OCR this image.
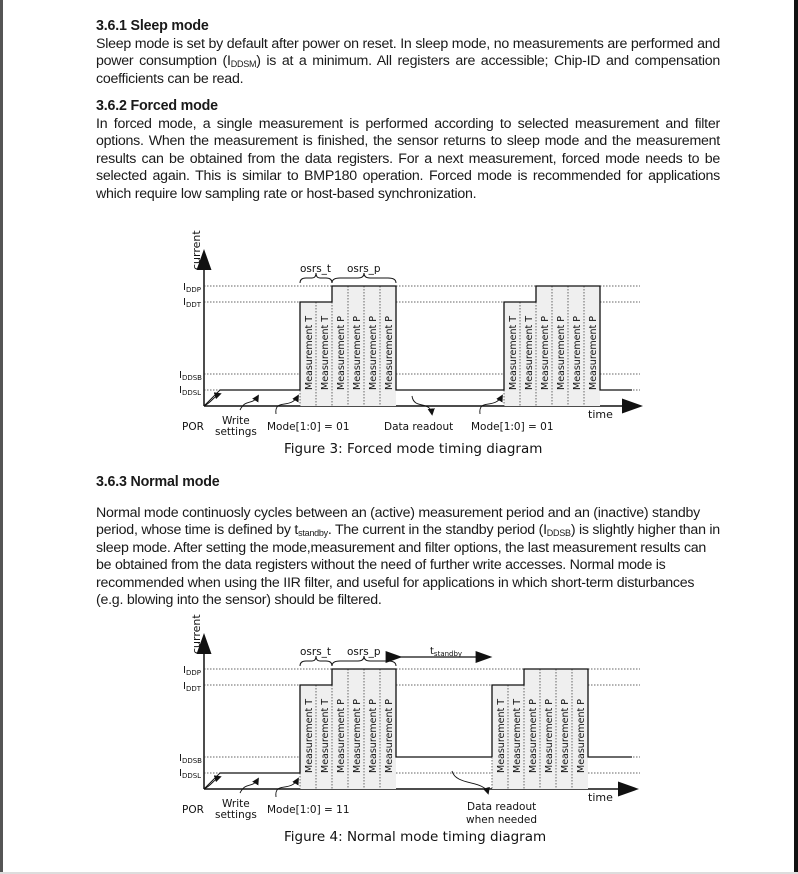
3.6.1 Sleep mode

Sleep mode is set by default after power on reset. In sleep mode, no measurements are performed and power consumption $(I_{DDSM})$ is at a minimum. All registers are accessible; Chip-ID and compensation coefficients can be read.

3.6.2 Forced mode

In forced mode, a single measurement is performed according to selected measurement and filter options. When the measurement is finished, the sensor returns to sleep mode and the measurement results can be obtained from the data registers. For a next measurement, forced mode needs to be selected again. This is similar to BMP180 operation. Forced mode is recommended for applications which require low sampling rate or host-based synchronization.

3.6.3 Normal mode

Normal mode continuosly cycles between an (active) measurement period and an (inactive) standby period, whose time is defined by $t_{standby}$. The current in the standby period $(I_{DDSB})$ is slightly higher than in sleep mode. After setting the mode,measurement and filter options, the last measurement results can be obtained from the data registers without the need of further write accesses. Normal mode is recommended when using the IIR filter, and useful for applications in which short-term disturbances (e.g. blowing into the sensor) should be filtered.

current
time
$I_{DDP}$
$I_{DDT}$
$I_{DDSB}$
$I_{DDSL}$
Measurement T Measurement T Measurement P Measurement P Measurement P Measurement P
osrs_t osrs_p
Measurement T Measurement T Measurement P Measurement P Measurement P Measurement P
POR Write
settings Mode[1:0] = 01	Data readout Mode[1:0] = 01
Figure 3: Forced mode timing diagram
current
time
$I_{DDP}$
$I_{DDT}$
$I_{DDSB}$
$I_{DDSL}$
Measurement T Measurement T Measurement P Measurement P Measurement P Measurement P
osrs_t osrs_p	$t_{standby}$
Measurement T Measurement T Measurement P Measurement P Measurement P Measurement P
POR Write
settings Mode[1:0] = 11	Data readout
when needed
Figure 4: Normal mode timing diagram
